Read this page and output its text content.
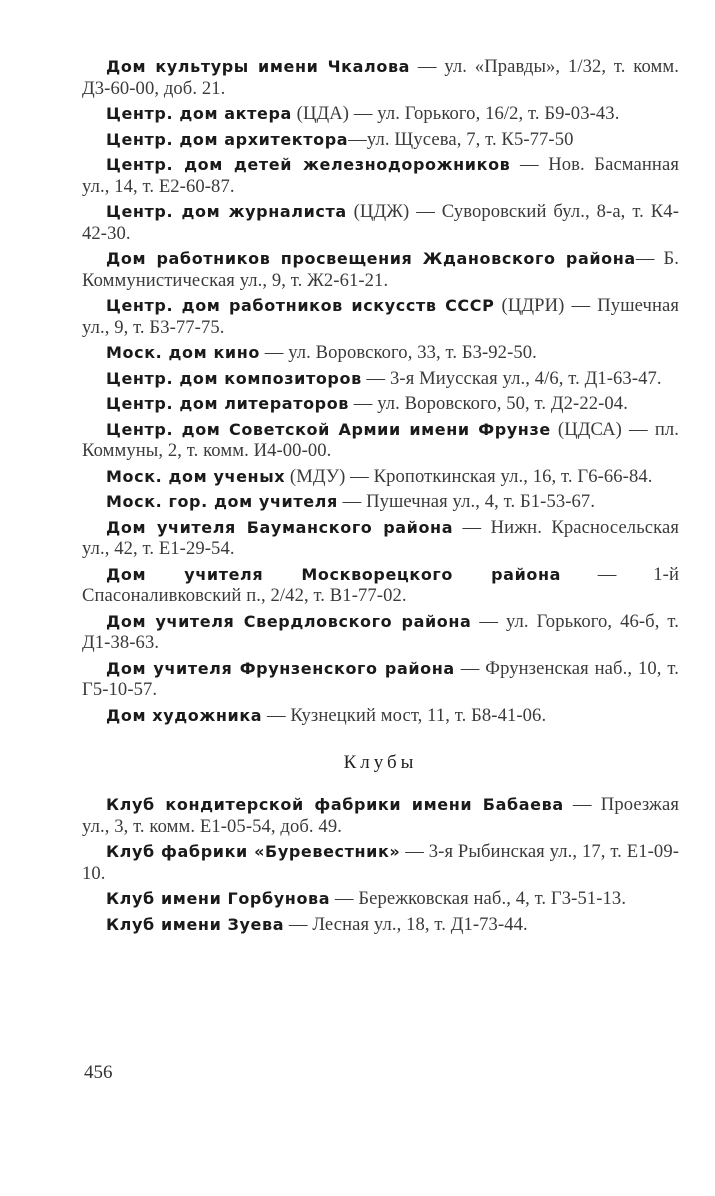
Дом культуры имени Чкалова — ул. «Правды», 1/32, т. комм. Д3-60-00, доб. 21.
Центр. дом актера (ЦДА) — ул. Горького, 16/2, т. Б9-03-43.
Центр. дом архитектора—ул. Щусева, 7, т. К5-77-50
Центр. дом детей железнодорожников — Нов. Басманная ул., 14, т. Е2-60-87.
Центр. дом журналиста (ЦДЖ) — Суворовский бул., 8-а, т. К4-42-30.
Дом работников просвещения Ждановского района— Б. Коммунистическая ул., 9, т. Ж2-61-21.
Центр. дом работников искусств СССР (ЦДРИ) — Пушечная ул., 9, т. Б3-77-75.
Моск. дом кино — ул. Воровского, 33, т. Б3-92-50.
Центр. дом композиторов — 3-я Миусская ул., 4/6, т. Д1-63-47.
Центр. дом литераторов — ул. Воровского, 50, т. Д2-22-04.
Центр. дом Советской Армии имени Фрунзе (ЦДСА) — пл. Коммуны, 2, т. комм. И4-00-00.
Моск. дом ученых (МДУ) — Кропоткинская ул., 16, т. Г6-66-84.
Моск. гор. дом учителя — Пушечная ул., 4, т. Б1-53-67.
Дом учителя Бауманского района — Нижн. Красносельская ул., 42, т. Е1-29-54.
Дом учителя Москворецкого района — 1-й Спасоналивковский п., 2/42, т. В1-77-02.
Дом учителя Свердловского района — ул. Горького, 46-б, т. Д1-38-63.
Дом учителя Фрунзенского района — Фрунзенская наб., 10, т. Г5-10-57.
Дом художника — Кузнецкий мост, 11, т. Б8-41-06.
Клубы
Клуб кондитерской фабрики имени Бабаева — Проезжая ул., 3, т. комм. Е1-05-54, доб. 49.
Клуб фабрики «Буревестник» — 3-я Рыбинская ул., 17, т. Е1-09-10.
Клуб имени Горбунова — Бережковская наб., 4, т. Г3-51-13.
Клуб имени Зуева — Лесная ул., 18, т. Д1-73-44.
456
